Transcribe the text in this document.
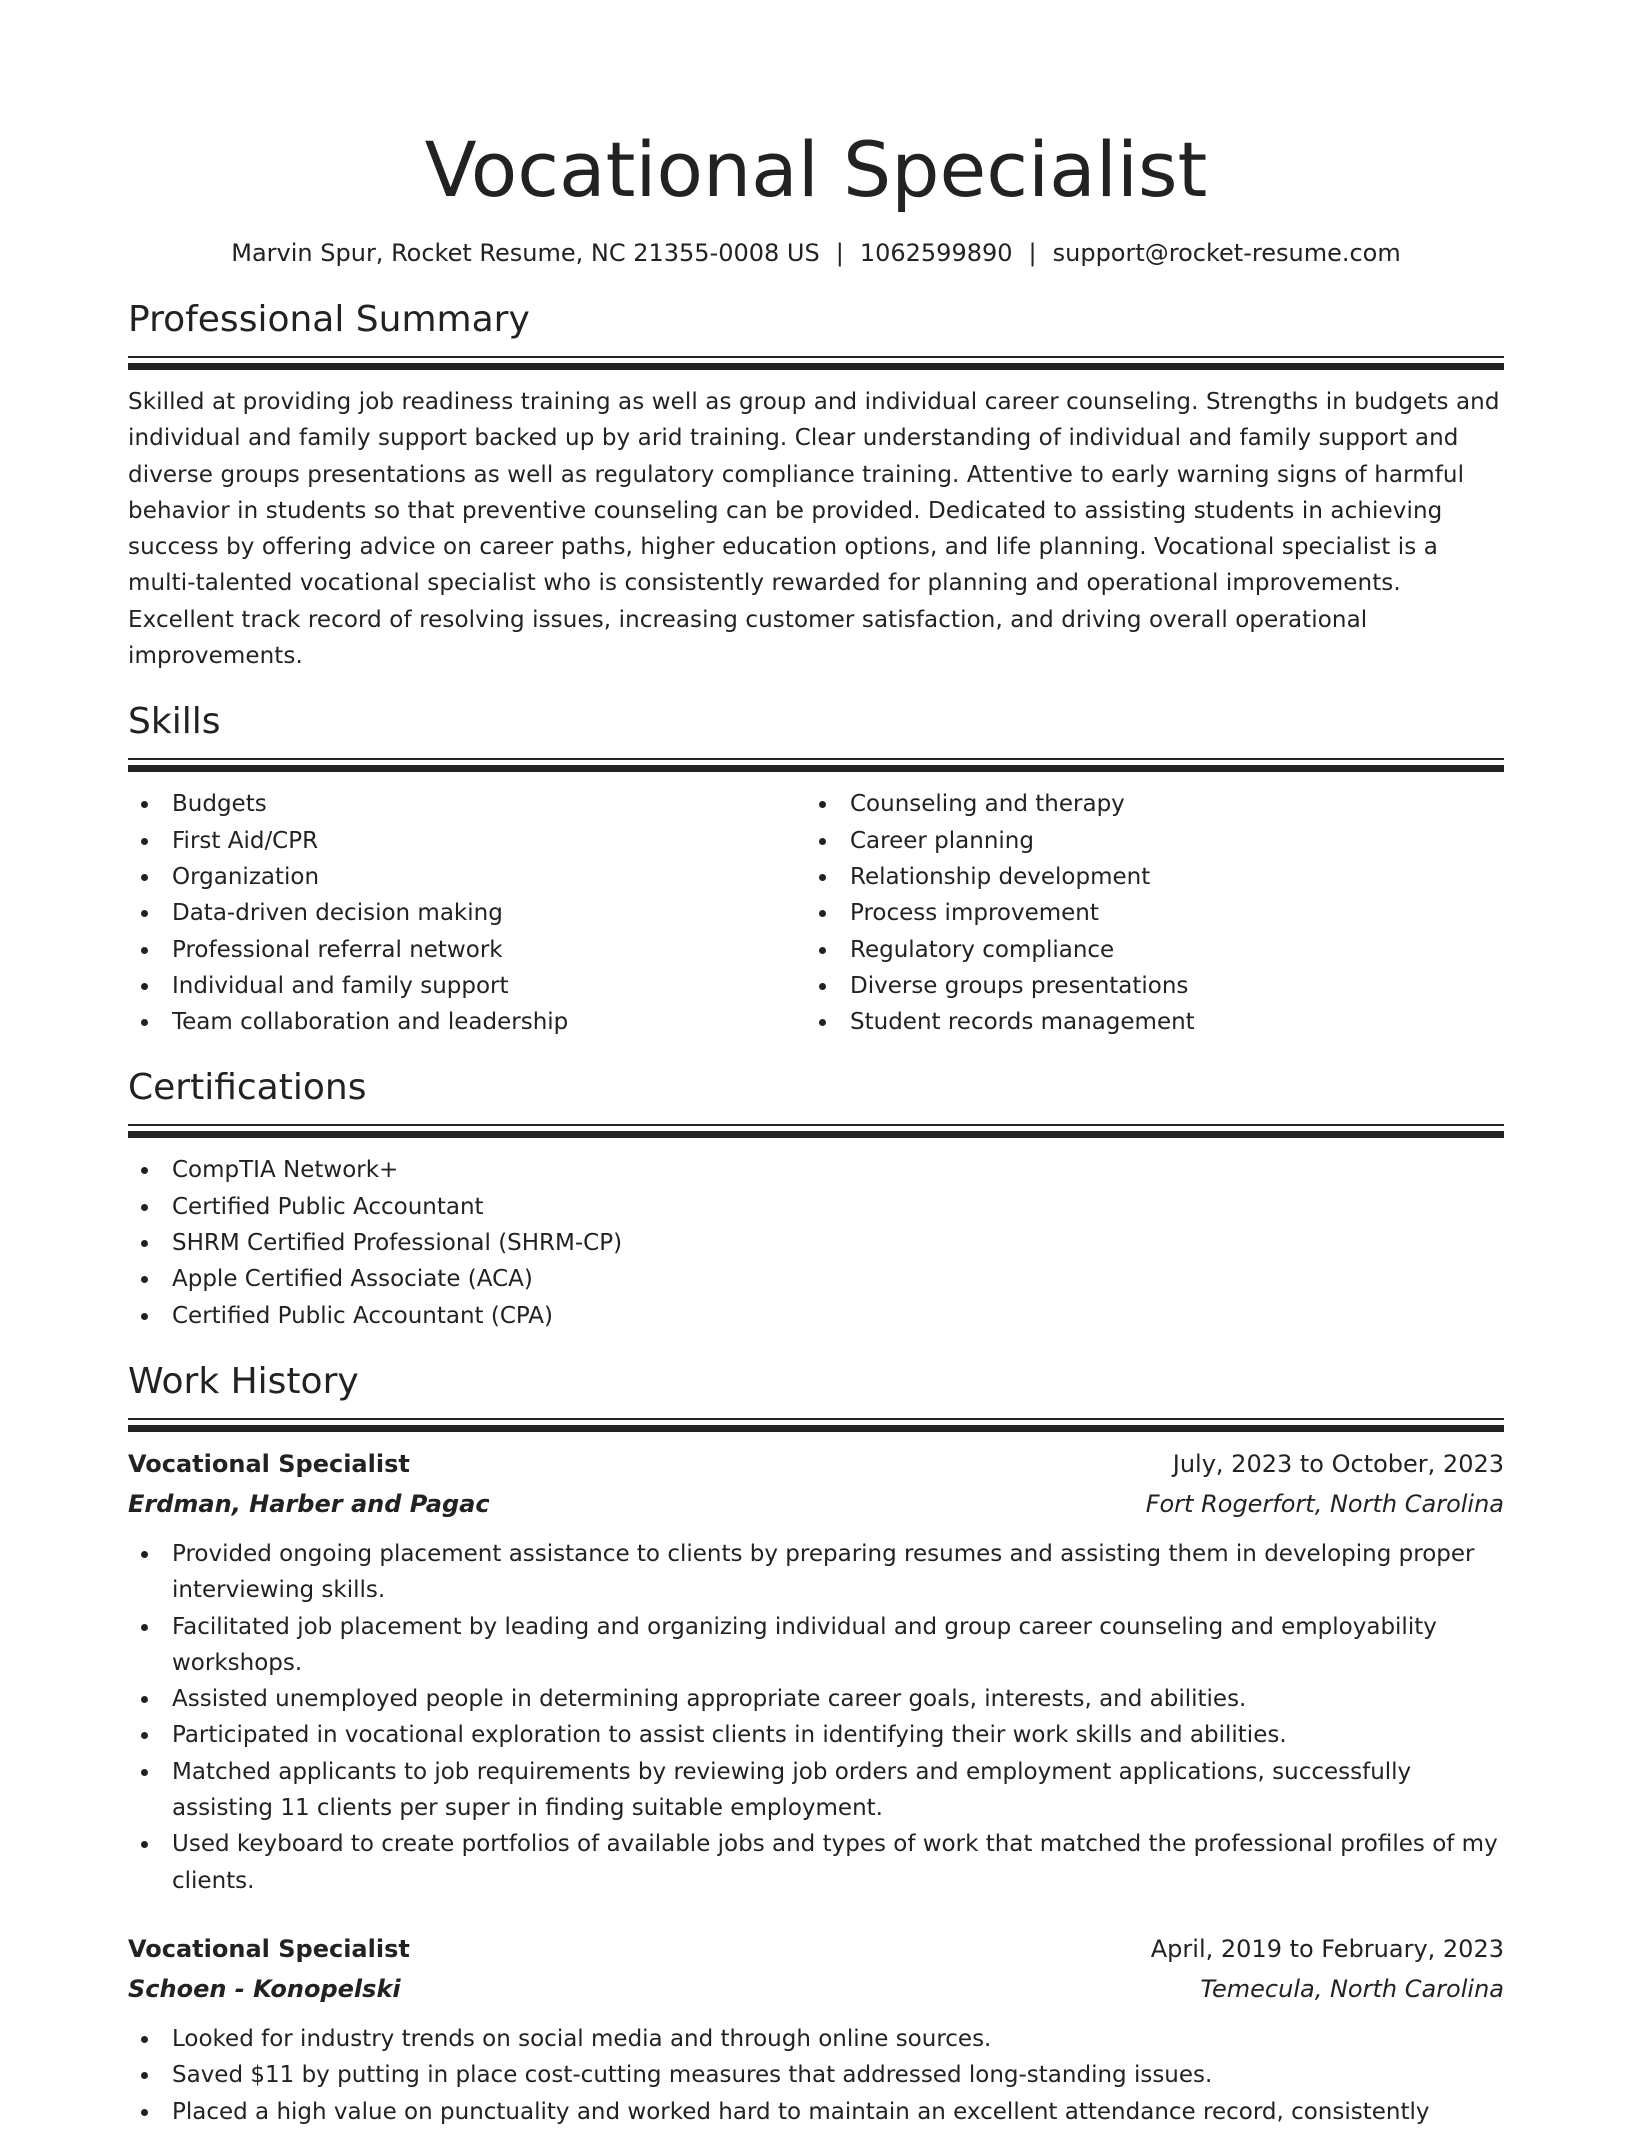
Vocational Specialist
Marvin Spur, Rocket Resume, NC 21355-0008 US | 1062599890 | support@rocket-resume.com
Professional Summary
Skilled at providing job readiness training as well as group and individual career counseling. Strengths in budgets and individual and family support backed up by arid training. Clear understanding of individual and family support and diverse groups presentations as well as regulatory compliance training. Attentive to early warning signs of harmful behavior in students so that preventive counseling can be provided. Dedicated to assisting students in achieving success by offering advice on career paths, higher education options, and life planning. Vocational specialist is a multi-talented vocational specialist who is consistently rewarded for planning and operational improvements. Excellent track record of resolving issues, increasing customer satisfaction, and driving overall operational improvements.
Skills
Budgets
First Aid/CPR
Organization
Data-driven decision making
Professional referral network
Individual and family support
Team collaboration and leadership
Counseling and therapy
Career planning
Relationship development
Process improvement
Regulatory compliance
Diverse groups presentations
Student records management
Certifications
CompTIA Network+
Certified Public Accountant
SHRM Certified Professional (SHRM-CP)
Apple Certified Associate (ACA)
Certified Public Accountant (CPA)
Work History
Vocational Specialist	July, 2023 to October, 2023
Erdman, Harber and Pagac	Fort Rogerfort, North Carolina
Provided ongoing placement assistance to clients by preparing resumes and assisting them in developing proper interviewing skills.
Facilitated job placement by leading and organizing individual and group career counseling and employability workshops.
Assisted unemployed people in determining appropriate career goals, interests, and abilities.
Participated in vocational exploration to assist clients in identifying their work skills and abilities.
Matched applicants to job requirements by reviewing job orders and employment applications, successfully assisting 11 clients per super in finding suitable employment.
Used keyboard to create portfolios of available jobs and types of work that matched the professional profiles of my clients.
Vocational Specialist	April, 2019 to February, 2023
Schoen - Konopelski	Temecula, North Carolina
Looked for industry trends on social media and through online sources.
Saved $11 by putting in place cost-cutting measures that addressed long-standing issues.
Placed a high value on punctuality and worked hard to maintain an excellent attendance record, consistently
